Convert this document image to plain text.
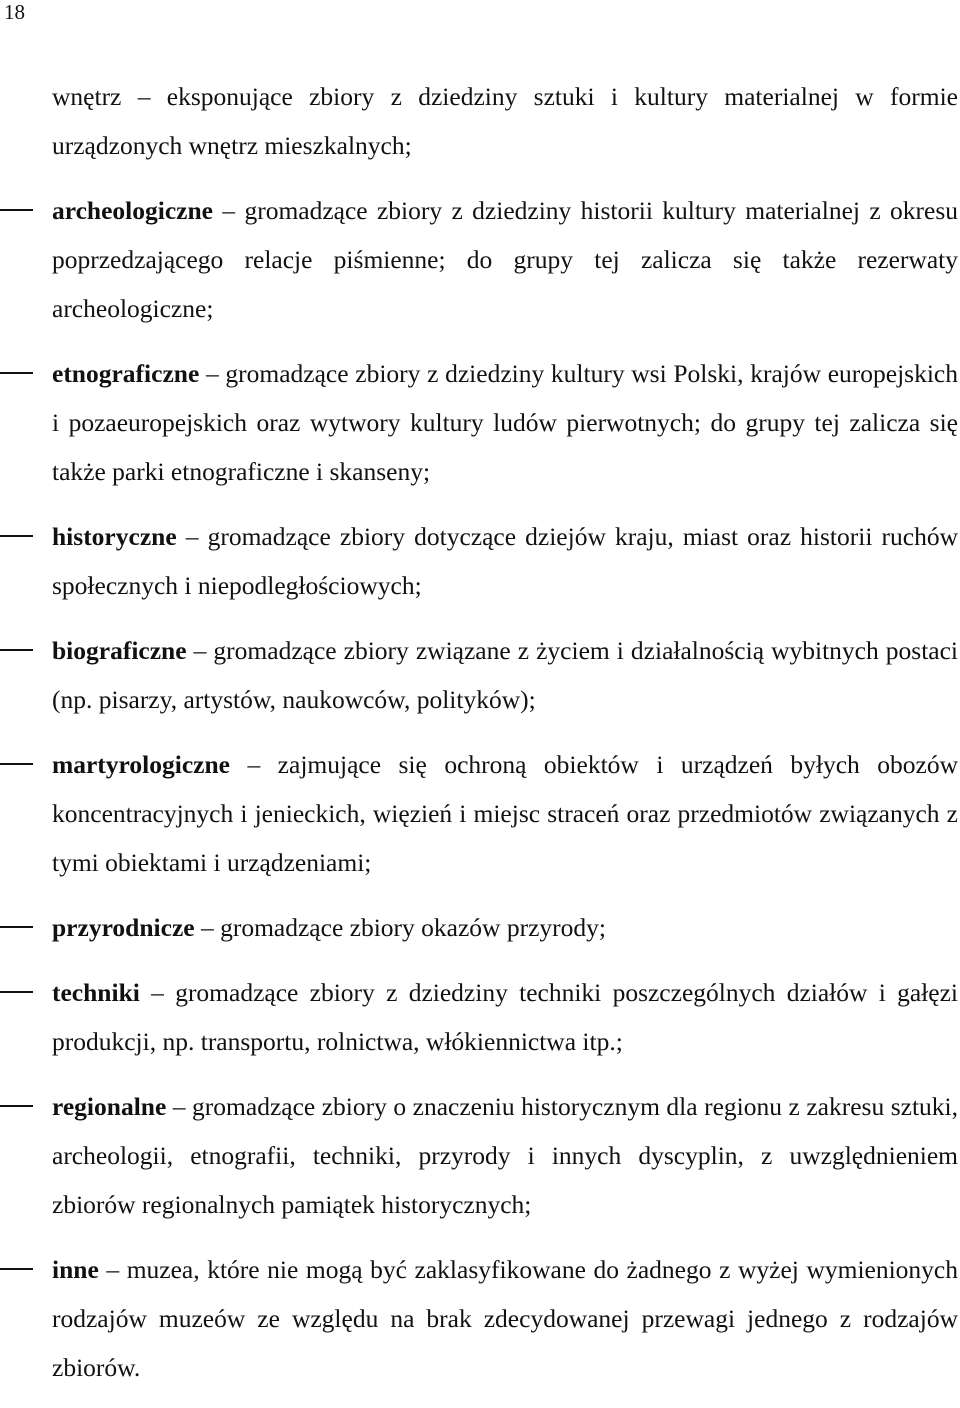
18

wnętrz – eksponujące zbiory z dziedziny sztuki i kultury materialnej w formie urządzonych wnętrz mieszkalnych;

archeologiczne – gromadzące zbiory z dziedziny historii kultury materialnej z okresu poprzedzającego relacje piśmienne; do grupy tej zalicza się także rezerwaty archeologiczne;

etnograficzne – gromadzące zbiory z dziedziny kultury wsi Polski, krajów europejskich i pozaeuropejskich oraz wytwory kultury ludów pierwotnych; do grupy tej zalicza się także parki etnograficzne i skanseny;

historyczne – gromadzące zbiory dotyczące dziejów kraju, miast oraz historii ruchów społecznych i niepodległościowych;

biograficzne – gromadzące zbiory związane z życiem i działalnością wybitnych postaci (np. pisarzy, artystów, naukowców, polityków);

martyrologiczne – zajmujące się ochroną obiektów i urządzeń byłych obozów koncentracyjnych i jenieckich, więzień i miejsc straceń oraz przedmiotów związanych z tymi obiektami i urządzeniami;

przyrodnicze – gromadzące zbiory okazów przyrody;

techniki – gromadzące zbiory z dziedziny techniki poszczególnych działów i gałęzi produkcji, np. transportu, rolnictwa, włókiennictwa itp.;

regionalne – gromadzące zbiory o znaczeniu historycznym dla regionu z zakresu sztuki, archeologii, etnografii, techniki, przyrody i innych dyscyplin, z uwzględnieniem zbiorów regionalnych pamiątek historycznych;

inne – muzea, które nie mogą być zaklasyfikowane do żadnego z wyżej wymienionych rodzajów muzeów ze względu na brak zdecydowanej przewagi jednego z rodzajów zbiorów.
